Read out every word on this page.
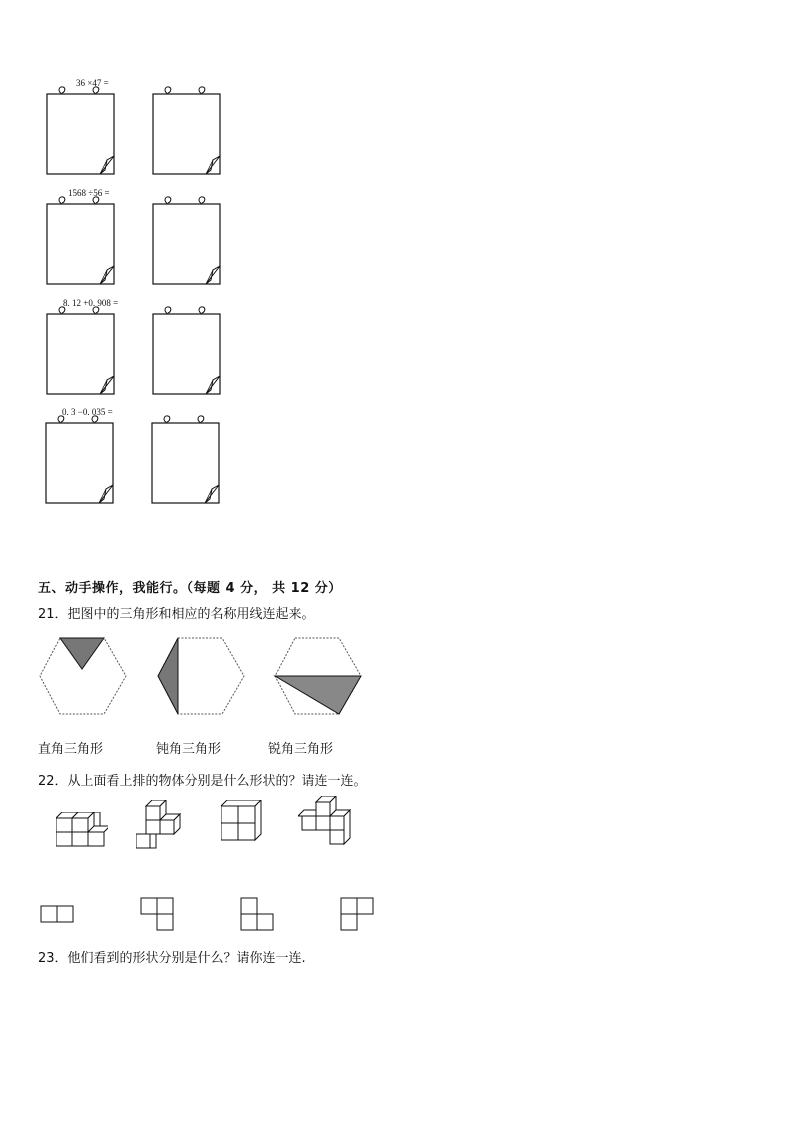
36 ×47 =
1568 ÷56 =
8. 12 +0. 908 =
0. 3 −0. 035 =
五、动手操作，我能行。（每题 4 分， 共 12 分）
21．把图中的三角形和相应的名称用线连起来。
直角三角形	钝角三角形	锐角三角形
22．从上面看上排的物体分别是什么形状的？请连一连。
23．他们看到的形状分别是什么？请你连一连.
